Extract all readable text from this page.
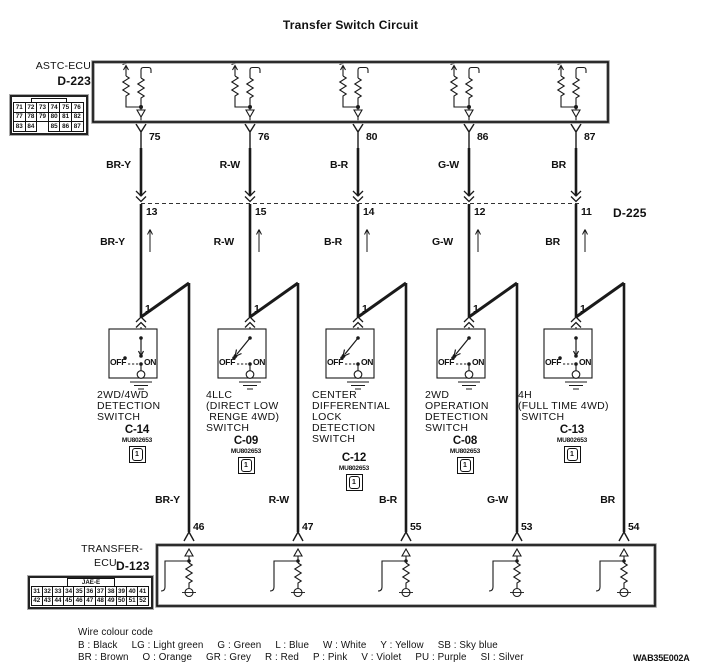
Transfer Switch Circuit
ASTC-ECU
D-223
71 72 73 74 75 76
77 78 79 80 81 82
83 84	85 86 87
D-225
TRANSFER-
ECU D-123
JAE-E
31 32 33 34 35 36 37 38 39 40 41
42 43 44 45 46 47 48 49 50 51 52
75
BR-Y
13
BR-Y
1
OFF ON
2WD/4WD
DETECTION
SWITCH
C-14
MU802653
1
BR-Y
46
76
R-W
15
R-W
1
OFF ON
4LLC
(DIRECT LOW
RENGE 4WD)
SWITCH
C-09
MU802653
1
R-W
47
80
B-R
14
B-R
1
OFF ON
CENTER
DIFFERENTIAL
LOCK
DETECTION
SWITCH
C-12
MU802653
1
B-R
55
86
G-W
12
G-W
1
OFF ON
2WD
OPERATION
DETECTION
SWITCH
C-08
MU802653
1
G-W
53
87
BR
11
BR
1
OFF ON
4H
(FULL TIME 4WD)
SWITCH
C-13
MU802653
1
BR
54
Wire colour code
B : Black LG : Light green G : Green L : Blue W : White Y : Yellow SB : Sky blue
BR : Brown O : Orange GR : Grey R : Red P : Pink V : Violet PU : Purple SI : Silver	WAB35E002A
